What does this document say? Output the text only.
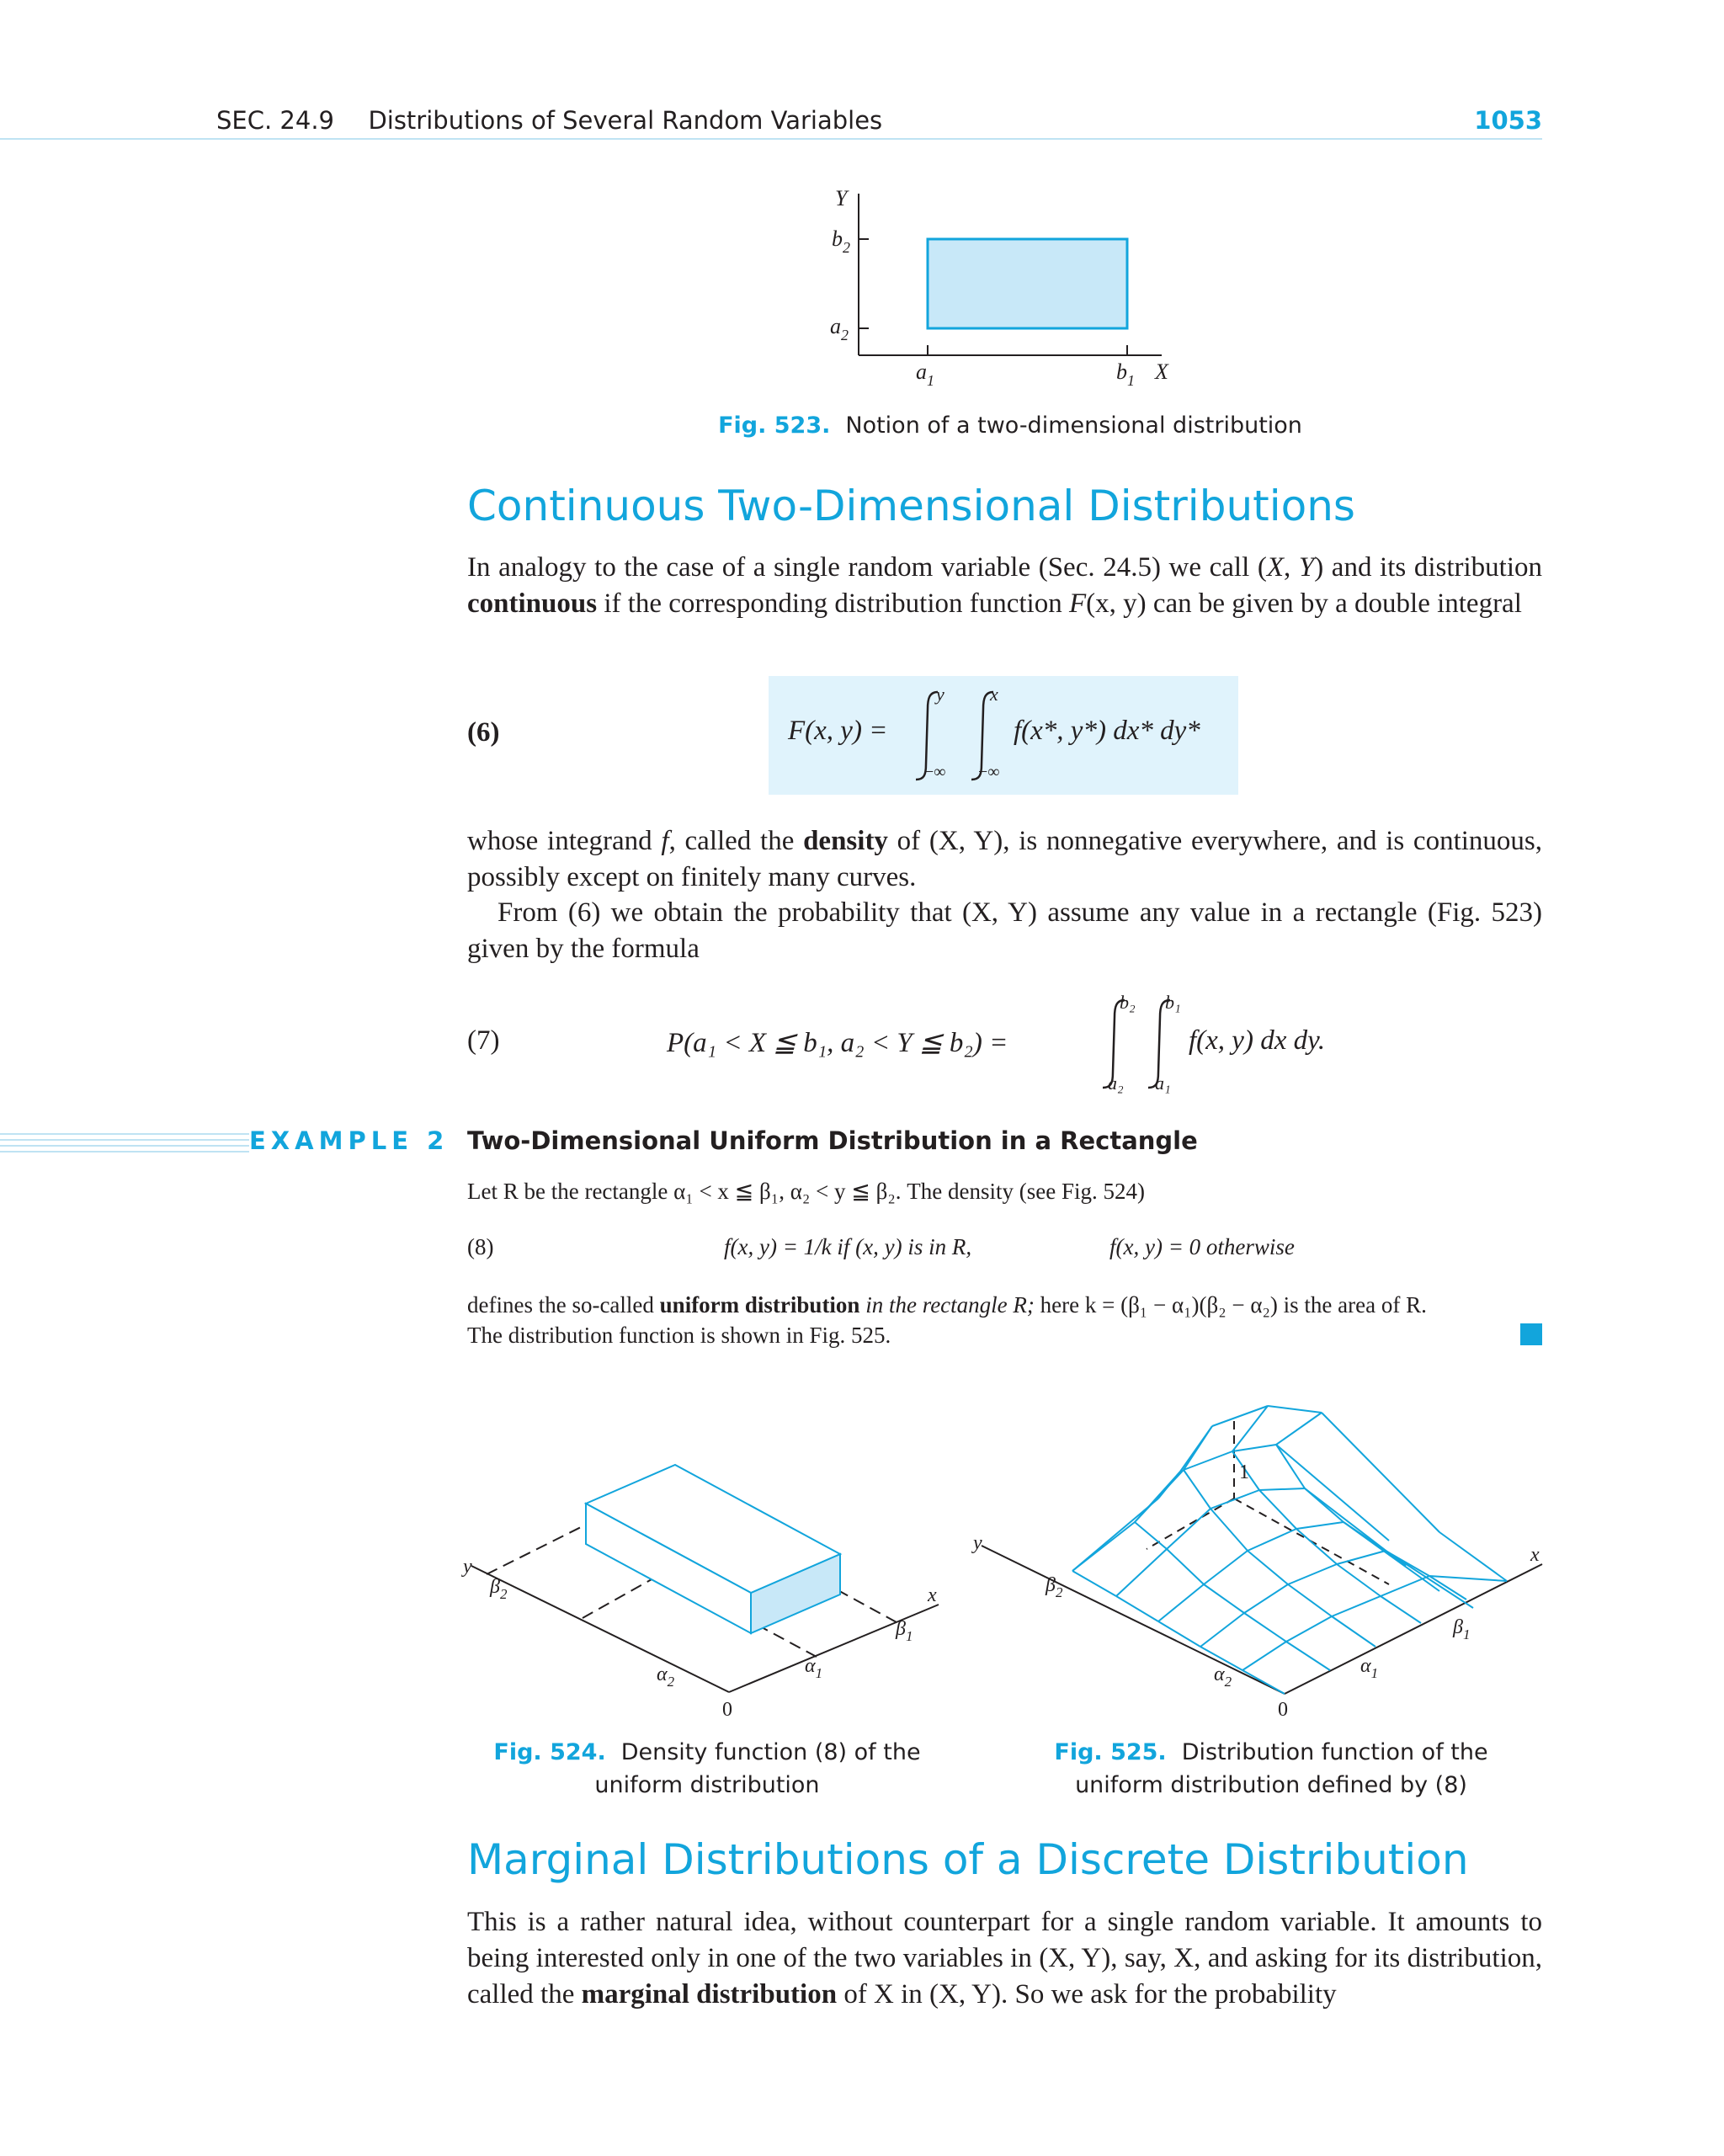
SEC. 24.9 Distributions of Several Random Variables	1053
Y
$b_2$
$a_2$
$a_1$	$b_1$ X
Fig. 523. Notion of a two-dimensional distribution
Continuous Two-Dimensional Distributions
In analogy to the case of a single random variable (Sec. 24.5) we call (X, Y) and its distribution continuous if the corresponding distribution function F(x, y) can be given by a double integral
(6)	F(x, y) =
y x
−∞ −∞
f(x*, y*) dx* dy*
whose integrand f, called the density of (X, Y), is nonnegative everywhere, and is continuous, possibly except on finitely many curves.
From (6) we obtain the probability that (X, Y) assume any value in a rectangle (Fig. 523) given by the formula
(7)	P(a₁ < X ≦ b₁, a₂ < Y ≦ b₂) =
b₂ b₁
a₂ a₁
f(x, y) dx dy.
EXAMPLE 2 Two-Dimensional Uniform Distribution in a Rectangle
Let R be the rectangle α₁ < x ≦ β₁, α₂ < y ≦ β₂. The density (see Fig. 524)
(8)	f(x, y) = 1/k if (x, y) is in R,	f(x, y) = 0 otherwise
defines the so-called uniform distribution in the rectangle R; here k = (β₁ − α₁)(β₂ − α₂) is the area of R.
The distribution function is shown in Fig. 525.
y
x
$\beta_2$
$\beta_1$
$\alpha_2$
$\alpha_1$
0
Fig. 524. Density function (8) of the
uniform distribution
y
x
1
$\beta_2$
$\beta_1$
$\alpha_2$
$\alpha_1$
0
Fig. 525. Distribution function of the
uniform distribution defined by (8)
Marginal Distributions of a Discrete Distribution
This is a rather natural idea, without counterpart for a single random variable. It amounts to being interested only in one of the two variables in (X, Y), say, X, and asking for its distribution, called the marginal distribution of X in (X, Y). So we ask for the probability
